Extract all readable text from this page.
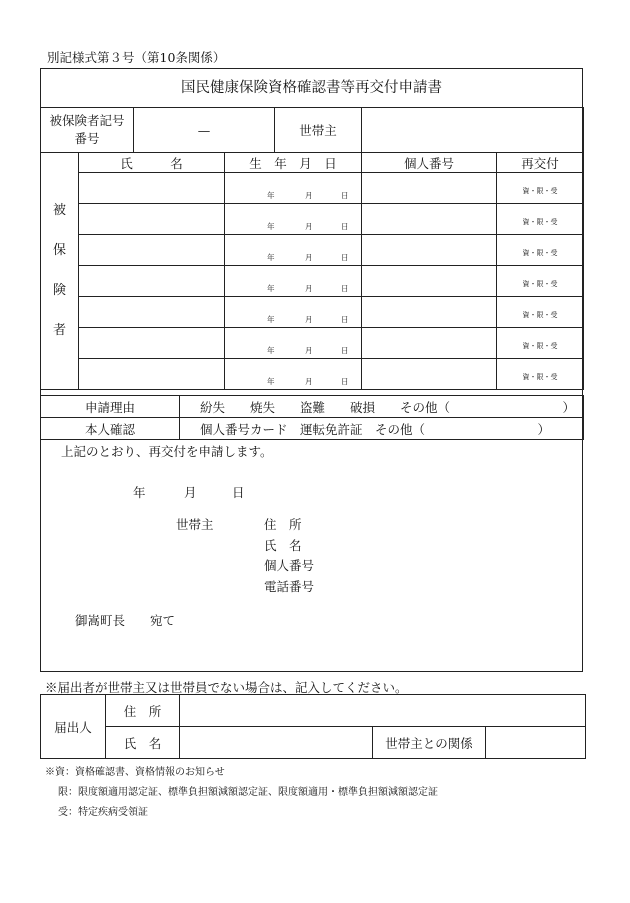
別記様式第３号（第10条関係）
国民健康保険資格確認書等再交付申請書
被保険者記号
番号
	—	世帯主	
被
保
険
者	氏　　　名	生　年　月　日	個人番号	再交付

		年 月 日		資・限・受

		年 月 日		資・限・受

		年 月 日		資・限・受

		年 月 日		資・限・受

		年 月 日		資・限・受

		年 月 日		資・限・受

		年 月 日		資・限・受
申請理由	紛失　　焼失　　盗難　　破損　　その他（　　　　　　　　　）
本人確認	個人番号カード　運転免許証　その他（　　　　　　　　　）
上記のとおり、再交付を申請します。
年	月	日
世帯主	住　所
氏　名
個人番号
電話番号
御嵩町長　　宛て
※届出者が世帯主又は世帯員でない場合は、記入してください。
届出人	住　所			
	氏　名		世帯主との関係	
※資：資格確認書、資格情報のお知らせ
限：限度額適用認定証、標準負担額減額認定証、限度額適用・標準負担額減額認定証
受：特定疾病受領証
